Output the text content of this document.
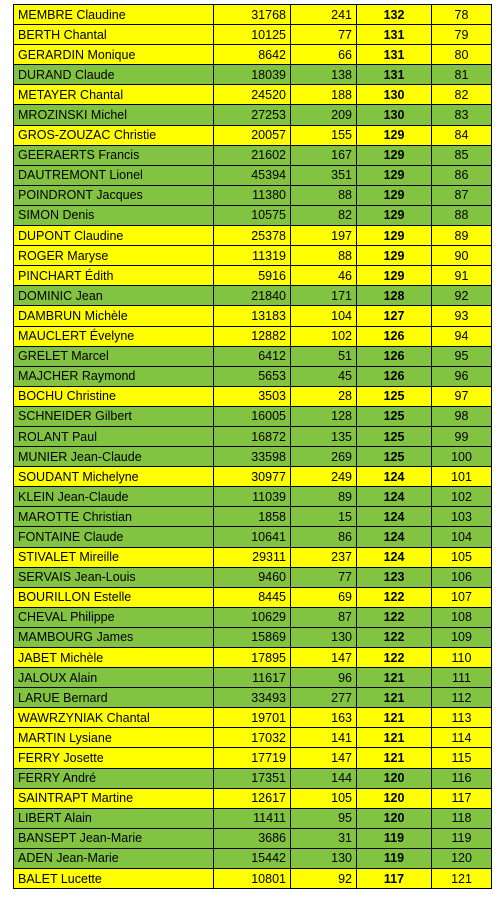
MEMBRE Claudine	31768	241	132	78
BERTH Chantal	10125	77	131	79
GERARDIN Monique	8642	66	131	80
DURAND Claude	18039	138	131	81
METAYER Chantal	24520	188	130	82
MROZINSKI Michel	27253	209	130	83
GROS-ZOUZAC Christie	20057	155	129	84
GEERAERTS Francis	21602	167	129	85
DAUTREMONT Lionel	45394	351	129	86
POINDRONT Jacques	11380	88	129	87
SIMON Denis	10575	82	129	88
DUPONT Claudine	25378	197	129	89
ROGER Maryse	11319	88	129	90
PINCHART Édith	5916	46	129	91
DOMINIC Jean	21840	171	128	92
DAMBRUN Michèle	13183	104	127	93
MAUCLERT Évelyne	12882	102	126	94
GRELET Marcel	6412	51	126	95
MAJCHER Raymond	5653	45	126	96
BOCHU Christine	3503	28	125	97
SCHNEIDER Gilbert	16005	128	125	98
ROLANT Paul	16872	135	125	99
MUNIER Jean-Claude	33598	269	125	100
SOUDANT Michelyne	30977	249	124	101
KLEIN Jean-Claude	11039	89	124	102
MAROTTE Christian	1858	15	124	103
FONTAINE Claude	10641	86	124	104
STIVALET Mireille	29311	237	124	105
SERVAIS Jean-Louis	9460	77	123	106
BOURILLON Estelle	8445	69	122	107
CHEVAL Philippe	10629	87	122	108
MAMBOURG James	15869	130	122	109
JABET Michèle	17895	147	122	110
JALOUX Alain	11617	96	121	111
LARUE Bernard	33493	277	121	112
WAWRZYNIAK Chantal	19701	163	121	113
MARTIN Lysiane	17032	141	121	114
FERRY Josette	17719	147	121	115
FERRY André	17351	144	120	116
SAINTRAPT Martine	12617	105	120	117
LIBERT Alain	11411	95	120	118
BANSEPT Jean-Marie	3686	31	119	119
ADEN Jean-Marie	15442	130	119	120
BALET Lucette	10801	92	117	121
